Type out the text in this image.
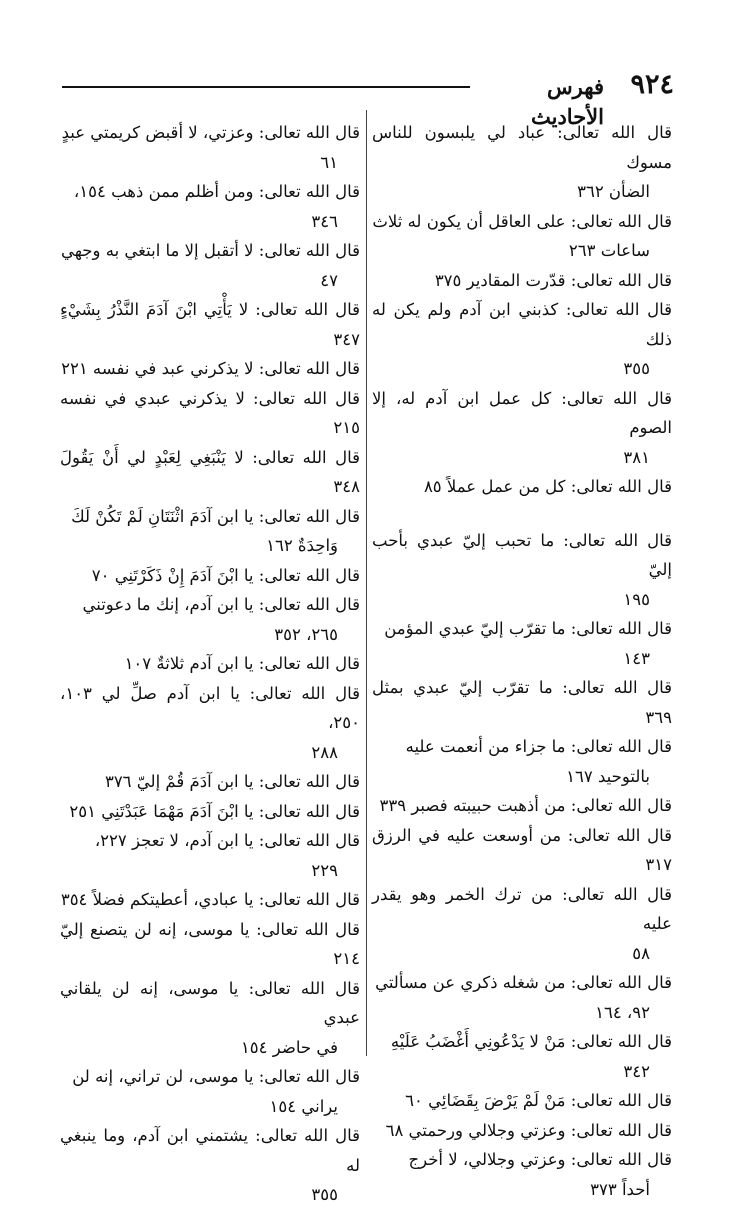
٩٢٤
فهرس الأحاديث
قال الله تعالى: عباد لي يلبسون للناس مسوك
الضأن ٣٦٢
قال الله تعالى: على العاقل أن يكون له ثلاث
ساعات ٢٦٣
قال الله تعالى: قدّرت المقادير ٣٧٥
قال الله تعالى: كذبني ابن آدم ولم يكن له ذلك
٣٥٥
قال الله تعالى: كل عمل ابن آدم له، إلا الصوم
٣٨١
قال الله تعالى: كل من عمل عملاً ٨٥
قال الله تعالى: ما تحبب إليّ عبدي بأحب إليّ
١٩٥
قال الله تعالى: ما تقرّب إليّ عبدي المؤمن
١٤٣
قال الله تعالى: ما تقرّب إليّ عبدي بمثل ٣٦٩
قال الله تعالى: ما جزاء من أنعمت عليه
بالتوحيد ١٦٧
قال الله تعالى: من أذهبت حبيبته فصبر ٣٣٩
قال الله تعالى: من أوسعت عليه في الرزق ٣١٧
قال الله تعالى: من ترك الخمر وهو يقدر عليه
٥٨
قال الله تعالى: من شغله ذكري عن مسألتي
٩٢، ١٦٤
قال الله تعالى: مَنْ لا يَدْعُونِي أَغْضَبُ عَلَيْهِ
٣٤٢
قال الله تعالى: مَنْ لَمْ يَرْضَ بِقَضَائِي ٦٠
قال الله تعالى: وعزتي وجلالي ورحمتي ٦٨
قال الله تعالى: وعزتي وجلالي، لا أخرج
أحداً ٣٧٣
قال الله تعالى: وعزتي، لا أقبض كريمتي عبدٍ
٦١
قال الله تعالى: ومن أظلم ممن ذهب ١٥٤،
٣٤٦
قال الله تعالى: لا أتقبل إلا ما ابتغي به وجهي
٤٧
قال الله تعالى: لا يَأْتِي ابْنَ آدَمَ النَّذْرُ بِشَيْءٍ ٣٤٧
قال الله تعالى: لا يذكرني عبد في نفسه ٢٢١
قال الله تعالى: لا يذكرني عبدي في نفسه ٢١٥
قال الله تعالى: لا يَنْبَغِي لِعَبْدٍ لي أَنْ يَقُولَ ٣٤٨
قال الله تعالى: يا ابن آدَمَ اثْنَتَانِ لَمْ تَكُنْ لَكَ
وَاحِدَةٌ ١٦٢
قال الله تعالى: يا ابْنَ آدَمَ إِنْ ذَكَرْتَنِي ٧٠
قال الله تعالى: يا ابن آدم، إنك ما دعوتني
٢٦٥، ٣٥٢
قال الله تعالى: يا ابن آدم ثلاثةٌ ١٠٧
قال الله تعالى: يا ابن آدم صلِّ لي ١٠٣، ٢٥٠،
٢٨٨
قال الله تعالى: يا ابن آدَمَ قُمْ إليّ ٣٧٦
قال الله تعالى: يا ابْنَ آدَمَ مَهْمَا عَبَدْتَنِي ٢٥١
قال الله تعالى: يا ابن آدم، لا تعجز ٢٢٧،
٢٢٩
قال الله تعالى: يا عبادي، أعطيتكم فضلاً ٣٥٤
قال الله تعالى: يا موسى، إنه لن يتصنع إليّ ٢١٤
قال الله تعالى: يا موسى، إنه لن يلقاني عبدي
في حاضر ١٥٤
قال الله تعالى: يا موسى، لن تراني، إنه لن
يراني ١٥٤
قال الله تعالى: يشتمني ابن آدم، وما ينبغي له
٣٥٥
